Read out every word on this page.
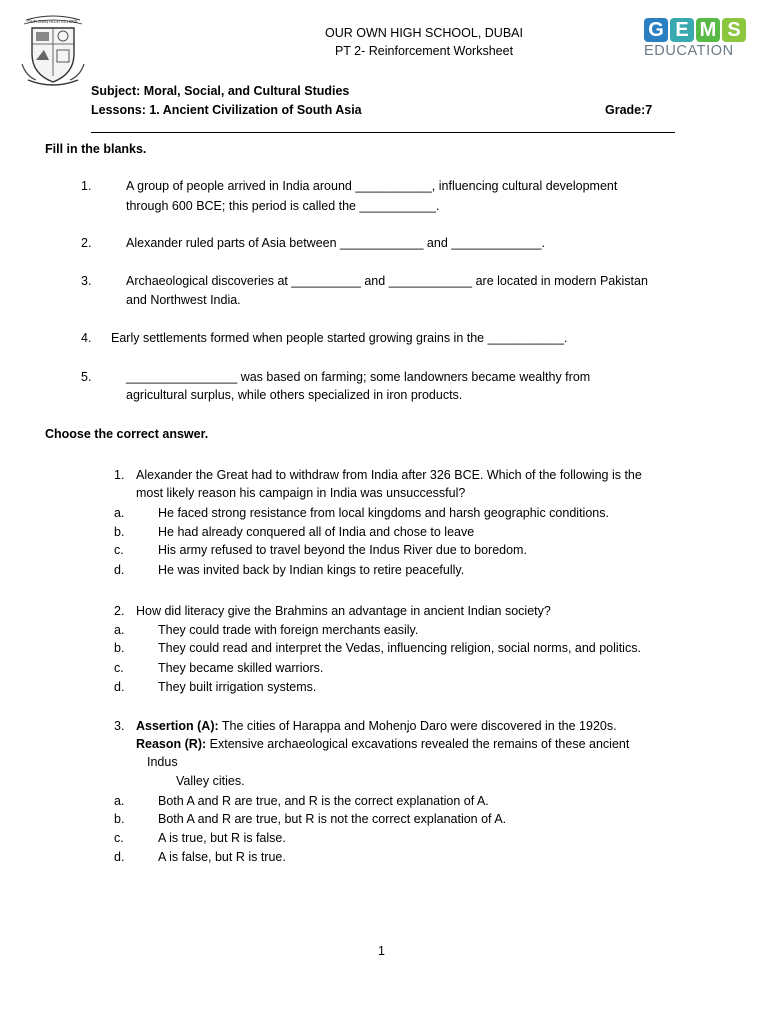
OUR OWN HIGH SCHOOL
OUR OWN HIGH SCHOOL, DUBAI
PT 2- Reinforcement Worksheet
G E M S
EDUCATION
Subject: Moral, Social, and Cultural Studies
Lessons: 1. Ancient Civilization of South Asia	Grade:7
Fill in the blanks.
1.	A group of people arrived in India around ___________, influencing cultural development
through 600 BCE; this period is called the ___________.
2.	Alexander ruled parts of Asia between ____________ and _____________.
3.	Archaeological discoveries at __________ and ____________ are located in modern Pakistan
and Northwest India.
4. Early settlements formed when people started growing grains in the ___________.
5.	________________ was based on farming; some landowners became wealthy from
agricultural surplus, while others specialized in iron products.
Choose the correct answer.
1. Alexander the Great had to withdraw from India after 326 BCE. Which of the following is the
most likely reason his campaign in India was unsuccessful?
a.	He faced strong resistance from local kingdoms and harsh geographic conditions.
b.	He had already conquered all of India and chose to leave
c.	His army refused to travel beyond the Indus River due to boredom.
d.	He was invited back by Indian kings to retire peacefully.
2. How did literacy give the Brahmins an advantage in ancient Indian society?
a.	They could trade with foreign merchants easily.
b.	They could read and interpret the Vedas, influencing religion, social norms, and politics.
c.	They became skilled warriors.
d.	They built irrigation systems.
3. Assertion (A): The cities of Harappa and Mohenjo Daro were discovered in the 1920s.
Reason (R): Extensive archaeological excavations revealed the remains of these ancient
Indus
Valley cities.
a.	Both A and R are true, and R is the correct explanation of A.
b.	Both A and R are true, but R is not the correct explanation of A.
c.	A is true, but R is false.
d.	A is false, but R is true.
1
